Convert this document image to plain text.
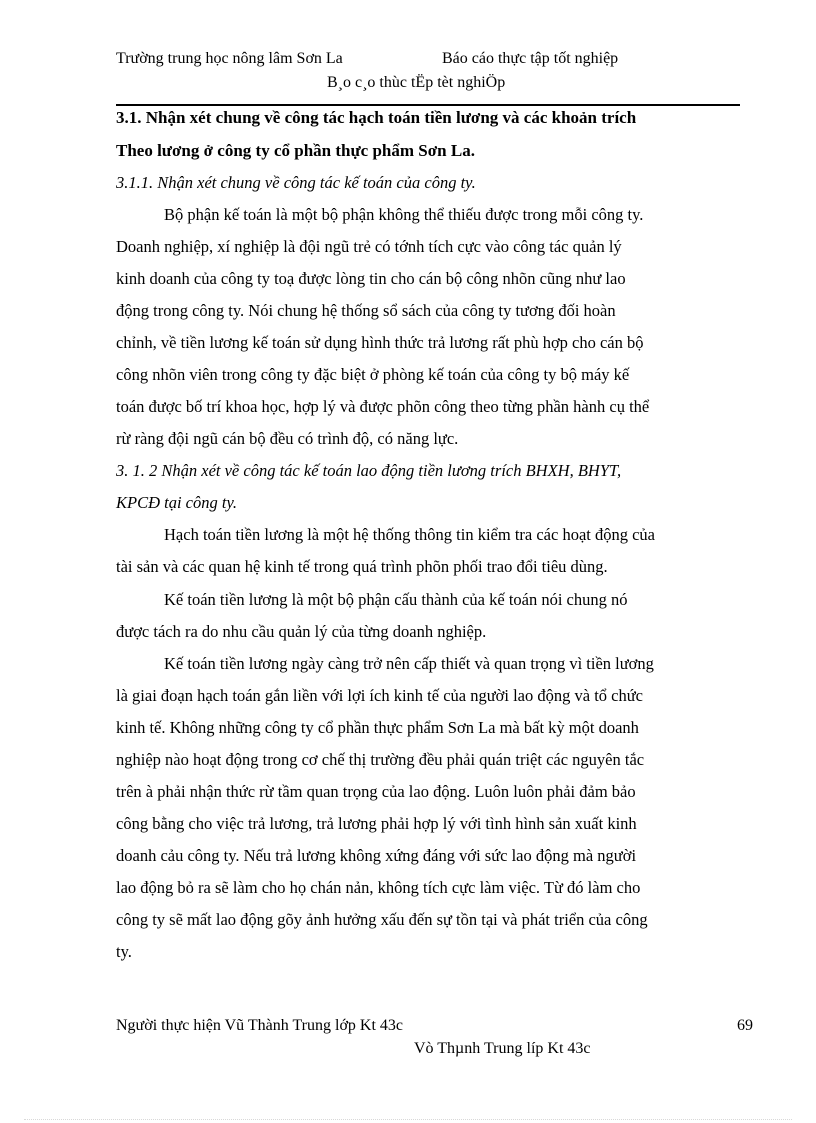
Trường trung học nông lâm Sơn La	Báo cáo thực tập tốt nghiệp
B¸o c¸o thùc tËp tèt nghiÖp
3.1. Nhận xét chung về công tác hạch toán tiền lương và các khoản trích
Theo lương ở công ty cổ phần thực phẩm Sơn La.
3.1.1. Nhận xét chung về công tác kế toán của công ty.
Bộ phận kế toán là một bộ phận không thể thiếu được trong mỗi công ty.
Doanh nghiệp, xí nghiệp là đội ngũ trẻ có tớnh tích cực vào công tác quản lý
kinh doanh của công ty toạ được lòng tin cho cán bộ công nhõn cũng như lao
động trong công ty. Nói chung hệ thống sổ sách của công ty tương đối hoàn
chỉnh, về tiền lương kế toán sử dụng hình thức trả lương rất phù hợp cho cán bộ
công nhõn viên trong công ty đặc biệt ở phòng kế toán của công ty bộ máy kế
toán được bố trí khoa học, hợp lý và được phõn công theo từng phần hành cụ thể
rừ ràng đội ngũ cán bộ đều có trình độ, có năng lực.
3. 1. 2 Nhận xét về công tác kế toán lao động tiền lương trích BHXH, BHYT,
KPCĐ tại công ty.
Hạch toán tiền lương là một hệ thống thông tin kiểm tra các hoạt động của
tài sản và các quan hệ kinh tế trong quá trình phõn phối trao đổi tiêu dùng.
Kế toán tiền lương là một bộ phận cấu thành của kế toán nói chung nó
được tách ra do nhu cầu quản lý của từng doanh nghiệp.
Kế toán tiền lương ngày càng trở nên cấp thiết và quan trọng vì tiền lương
là giai đoạn hạch toán gắn liền với lợi ích kinh tế của người lao động và tổ chức
kinh tế. Không những công ty cổ phần thực phẩm Sơn La mà bất kỳ một doanh
nghiệp nào hoạt động trong cơ chế thị trường đều phải quán triệt các nguyên tắc
trên à phải nhận thức rừ tầm quan trọng của lao động. Luôn luôn phải đảm bảo
công bằng cho việc trả lương, trả lương phải hợp lý với tình hình sản xuất kinh
doanh cảu công ty. Nếu trả lương không xứng đáng với sức lao động mà người
lao động bỏ ra sẽ làm cho họ chán nản, không tích cực làm việc. Từ đó làm cho
công ty sẽ mất lao động gõy ảnh hưởng xấu đến sự tồn tại và phát triển của công
ty.
Người thực hiện Vũ Thành Trung lớp Kt 43c	69
Vò Thµnh Trung líp Kt 43c
